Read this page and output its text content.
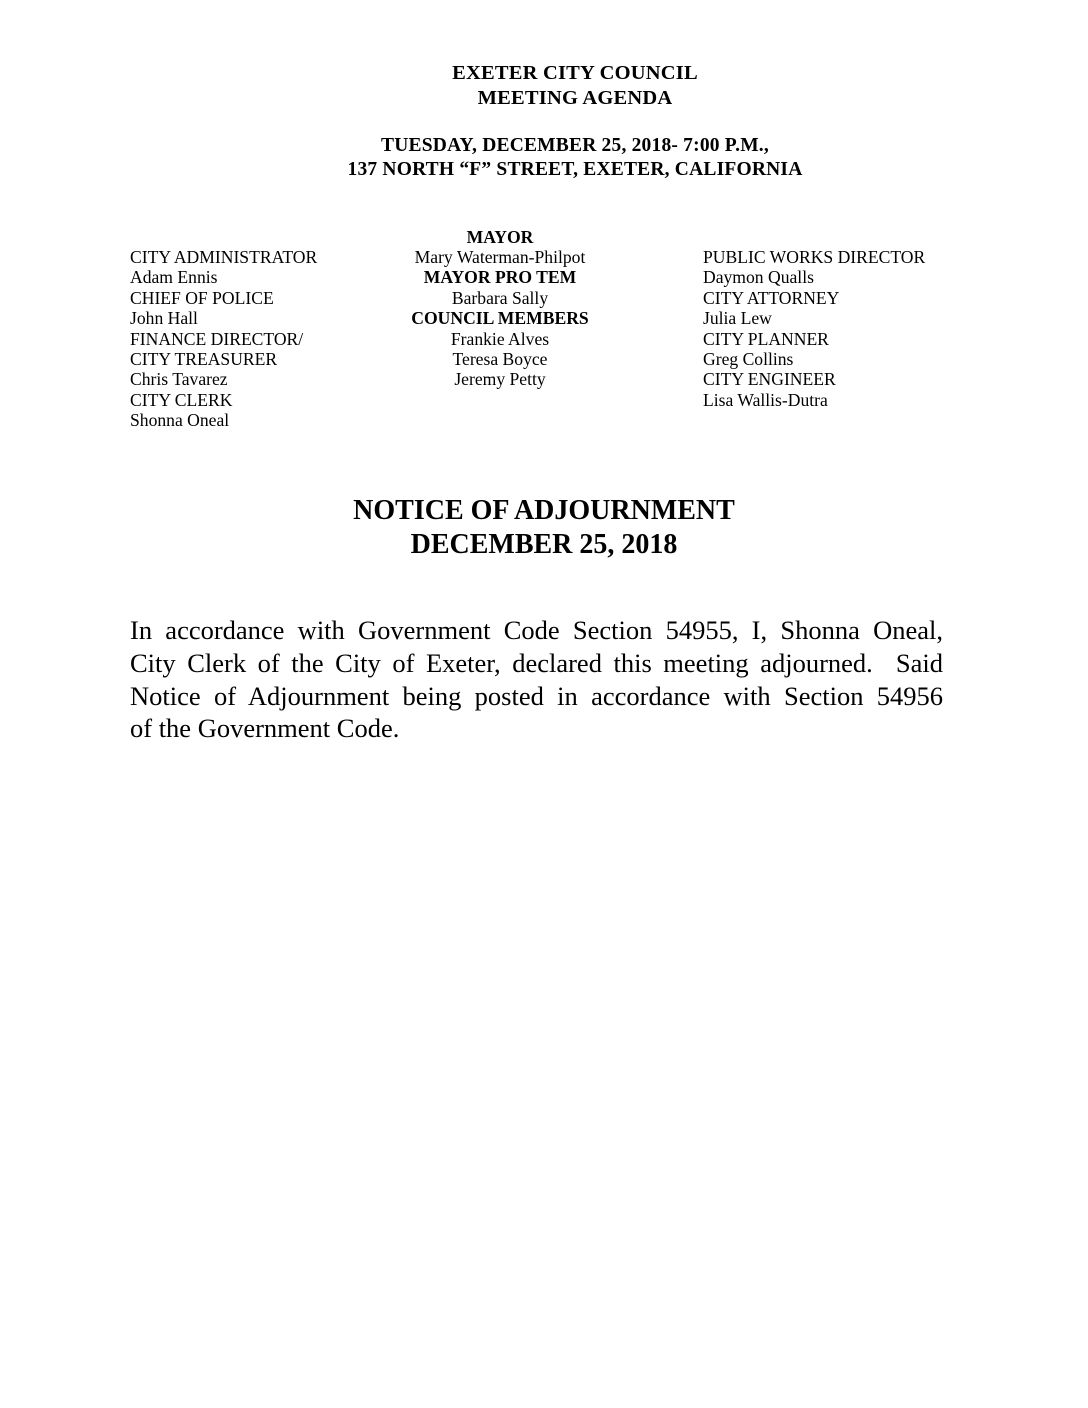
EXETER CITY COUNCIL
MEETING AGENDA
TUESDAY, DECEMBER 25, 2018- 7:00 P.M.,
137 NORTH “F” STREET, EXETER, CALIFORNIA
CITY ADMINISTRATOR
Adam Ennis
CHIEF OF POLICE
John Hall
FINANCE DIRECTOR/
CITY TREASURER
Chris Tavarez
CITY CLERK
Shonna Oneal
MAYOR
Mary Waterman-Philpot
MAYOR PRO TEM
Barbara Sally
COUNCIL MEMBERS
Frankie Alves
Teresa Boyce
Jeremy Petty
PUBLIC WORKS DIRECTOR
Daymon Qualls
CITY ATTORNEY
Julia Lew
CITY PLANNER
Greg Collins
CITY ENGINEER
Lisa Wallis-Dutra
NOTICE OF ADJOURNMENT
DECEMBER 25, 2018
In accordance with Government Code Section 54955, I, Shonna Oneal,
City Clerk of the City of Exeter, declared this meeting adjourned.  Said
Notice of Adjournment being posted in accordance with Section 54956
of the Government Code.
